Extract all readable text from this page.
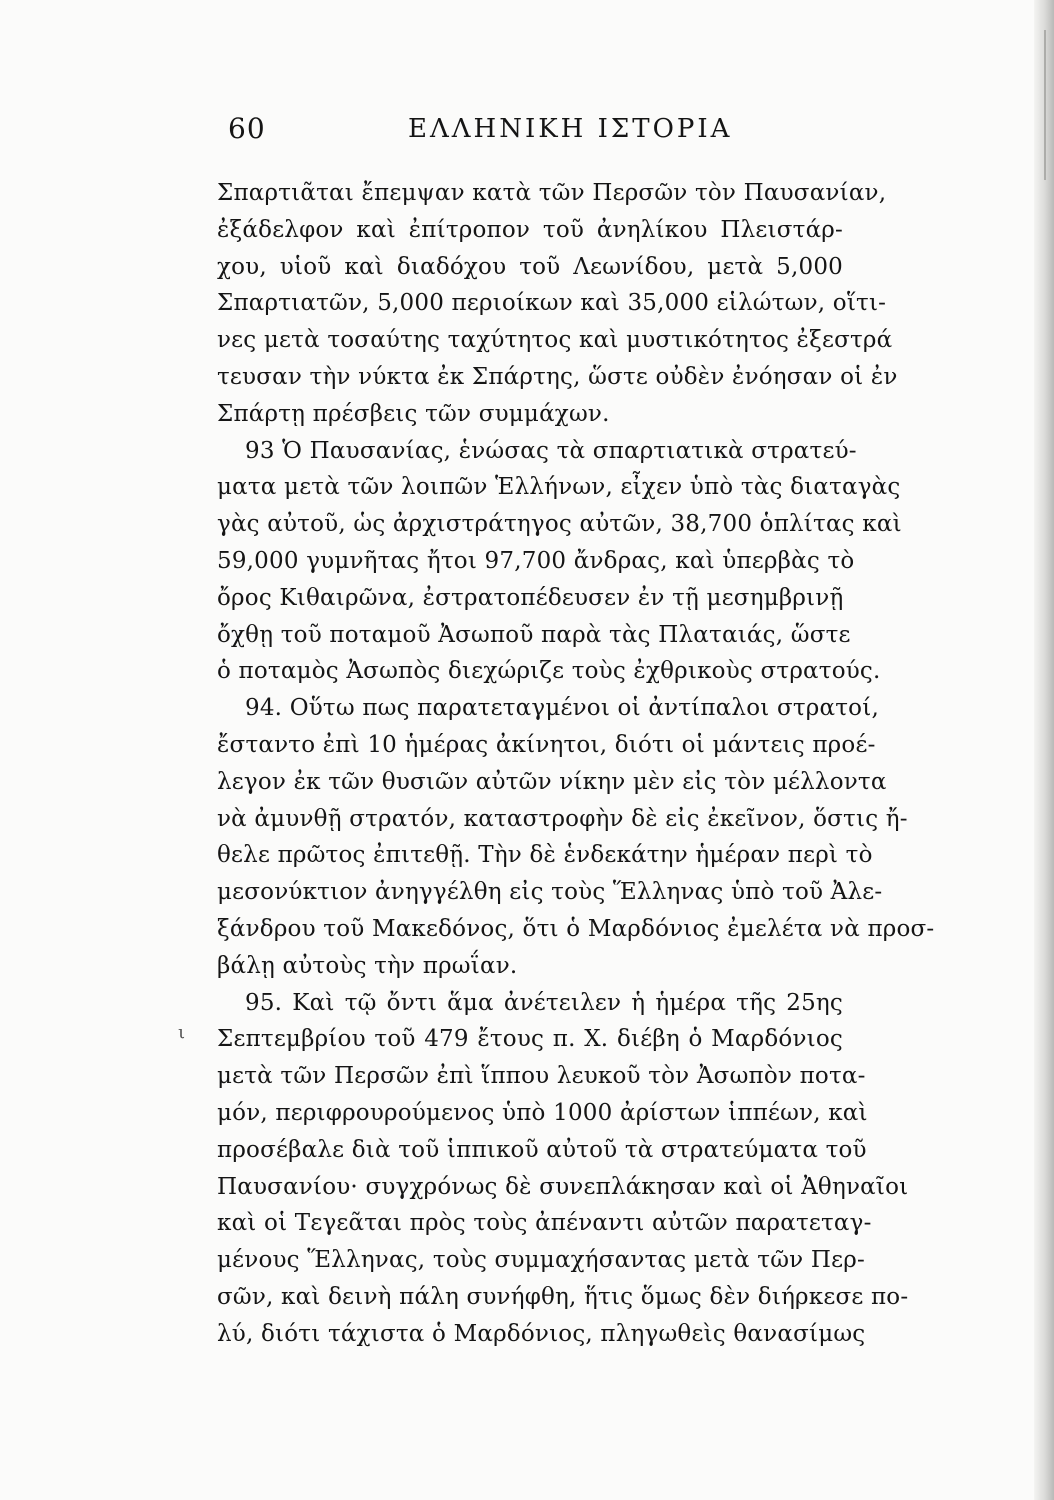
60	ΕΛΛΗΝΙΚΗ ΙΣΤΟΡΙΑ
ι
Σπαρτιᾶται ἔπεμψαν κατὰ τῶν Περσῶν τὸν Παυσανίαν,
ἐξάδελφον καὶ ἐπίτροπον τοῦ ἀνηλίκου Πλειστάρ-
χου, υἱοῦ καὶ διαδόχου τοῦ Λεωνίδου, μετὰ 5,000
Σπαρτιατῶν, 5,000 περιοίκων καὶ 35,000 εἱλώτων, οἵτι-
νες μετὰ τοσαύτης ταχύτητος καὶ μυστικότητος ἐξεστρά
τευσαν τὴν νύκτα ἐκ Σπάρτης, ὥστε οὐδὲν ἐνόησαν οἱ ἐν
Σπάρτῃ πρέσβεις τῶν συμμάχων.
93 Ὁ Παυσανίας, ἑνώσας τὰ σπαρτιατικὰ στρατεύ-
ματα μετὰ τῶν λοιπῶν Ἑλλήνων, εἶχεν ὑπὸ τὰς διαταγὰς
γὰς αὐτοῦ, ὡς ἀρχιστράτηγος αὐτῶν, 38,700 ὁπλίτας καὶ
59,000 γυμνῆτας ἤτοι 97,700 ἄνδρας, καὶ ὑπερβὰς τὸ
ὄρος Κιθαιρῶνα, ἐστρατοπέδευσεν ἐν τῇ μεσημβρινῇ
ὄχθῃ τοῦ ποταμοῦ Ἀσωποῦ παρὰ τὰς Πλαταιάς, ὥστε
ὁ ποταμὸς Ἀσωπὸς διεχώριζε τοὺς ἐχθρικοὺς στρατούς.
94. Οὕτω πως παρατεταγμένοι οἱ ἀντίπαλοι στρατοί,
ἔσταντο ἐπὶ 10 ἡμέρας ἀκίνητοι, διότι οἱ μάντεις προέ-
λεγον ἐκ τῶν θυσιῶν αὐτῶν νίκην μὲν εἰς τὸν μέλλοντα
νὰ ἀμυνθῇ στρατόν, καταστροφὴν δὲ εἰς ἐκεῖνον, ὅστις ἤ-
θελε πρῶτος ἐπιτεθῇ. Τὴν δὲ ἑνδεκάτην ἡμέραν περὶ τὸ
μεσονύκτιον ἀνηγγέλθη εἰς τοὺς Ἕλληνας ὑπὸ τοῦ Ἀλε-
ξάνδρου τοῦ Μακεδόνος, ὅτι ὁ Μαρδόνιος ἐμελέτα νὰ προσ-
βάλῃ αὐτοὺς τὴν πρωΐαν.
95. Καὶ τῷ ὄντι ἅμα ἀνέτειλεν ἡ ἡμέρα τῆς 25ης
Σεπτεμβρίου τοῦ 479 ἔτους π. Χ. διέβη ὁ Μαρδόνιος
μετὰ τῶν Περσῶν ἐπὶ ἵππου λευκοῦ τὸν Ἀσωπὸν ποτα-
μόν, περιφρουρούμενος ὑπὸ 1000 ἀρίστων ἱππέων, καὶ
προσέβαλε διὰ τοῦ ἱππικοῦ αὐτοῦ τὰ στρατεύματα τοῦ
Παυσανίου· συγχρόνως δὲ συνεπλάκησαν καὶ οἱ Ἀθηναῖοι
καὶ οἱ Τεγεᾶται πρὸς τοὺς ἀπέναντι αὐτῶν παρατεταγ-
μένους Ἕλληνας, τοὺς συμμαχήσαντας μετὰ τῶν Περ-
σῶν, καὶ δεινὴ πάλη συνήφθη, ἥτις ὅμως δὲν διήρκεσε πο-
λύ, διότι τάχιστα ὁ Μαρδόνιος, πληγωθεὶς θανασίμως
